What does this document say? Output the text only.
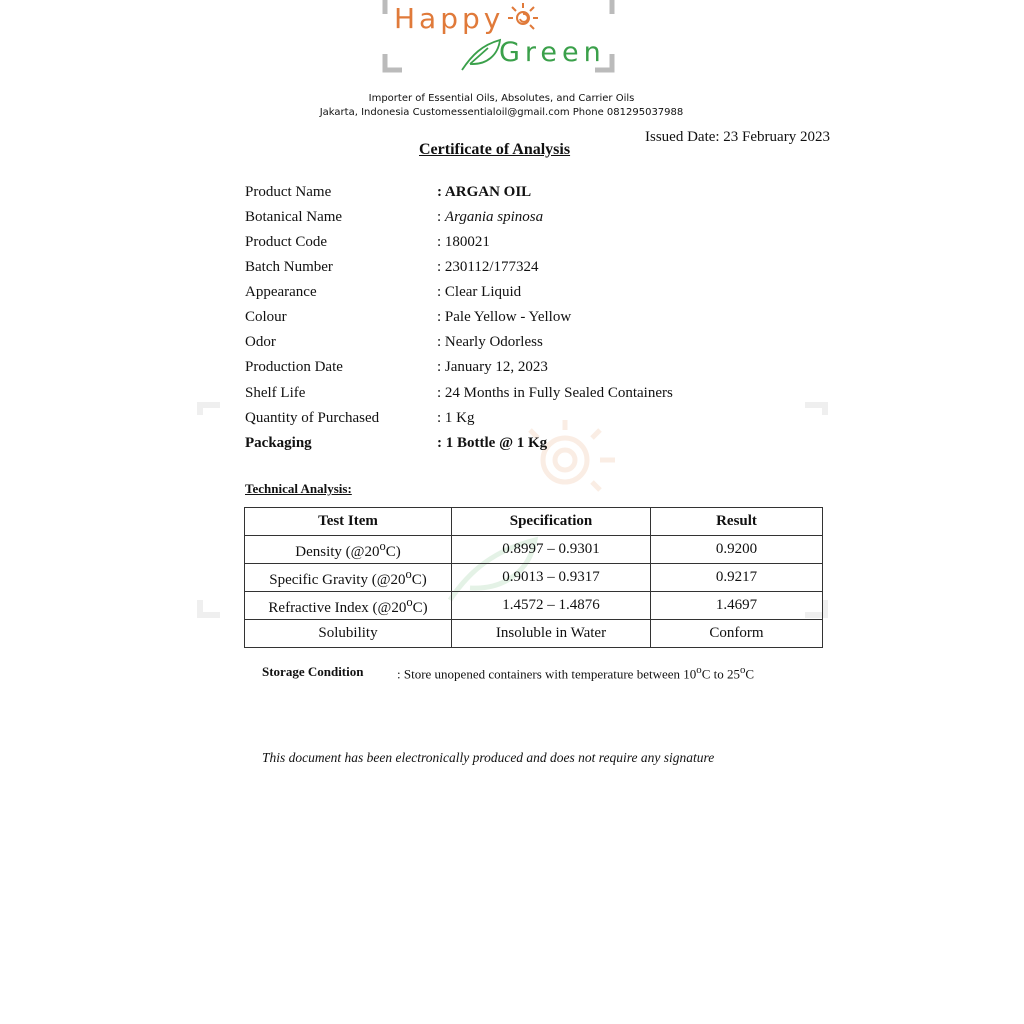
Happy
Green
Importer of Essential Oils, Absolutes, and Carrier Oils
Jakarta, Indonesia Customessentialoil@gmail.com Phone 081295037988
Issued Date: 23 February 2023
Certificate of Analysis
Product Name	: ARGAN OIL
Botanical Name	: Argania spinosa
Product Code	: 180021
Batch Number	: 230112/177324
Appearance	: Clear Liquid
Colour	: Pale Yellow - Yellow
Odor	: Nearly Odorless
Production Date	: January 12, 2023
Shelf Life	: 24 Months in Fully Sealed Containers
Quantity of Purchased	: 1 Kg
Packaging	: 1 Bottle @ 1 Kg
Technical Analysis:
Test Item	Specification	Result
Density (@20$^o$C)	0.8997 – 0.9301	0.9200
Specific Gravity (@20$^o$C)	0.9013 – 0.9317	0.9217
Refractive Index (@20$^o$C)	1.4572 – 1.4876	1.4697
Solubility	Insoluble in Water	Conform
Storage Condition	: Store unopened containers with temperature between 10$^o$C to 25$^o$C
This document has been electronically produced and does not require any signature
